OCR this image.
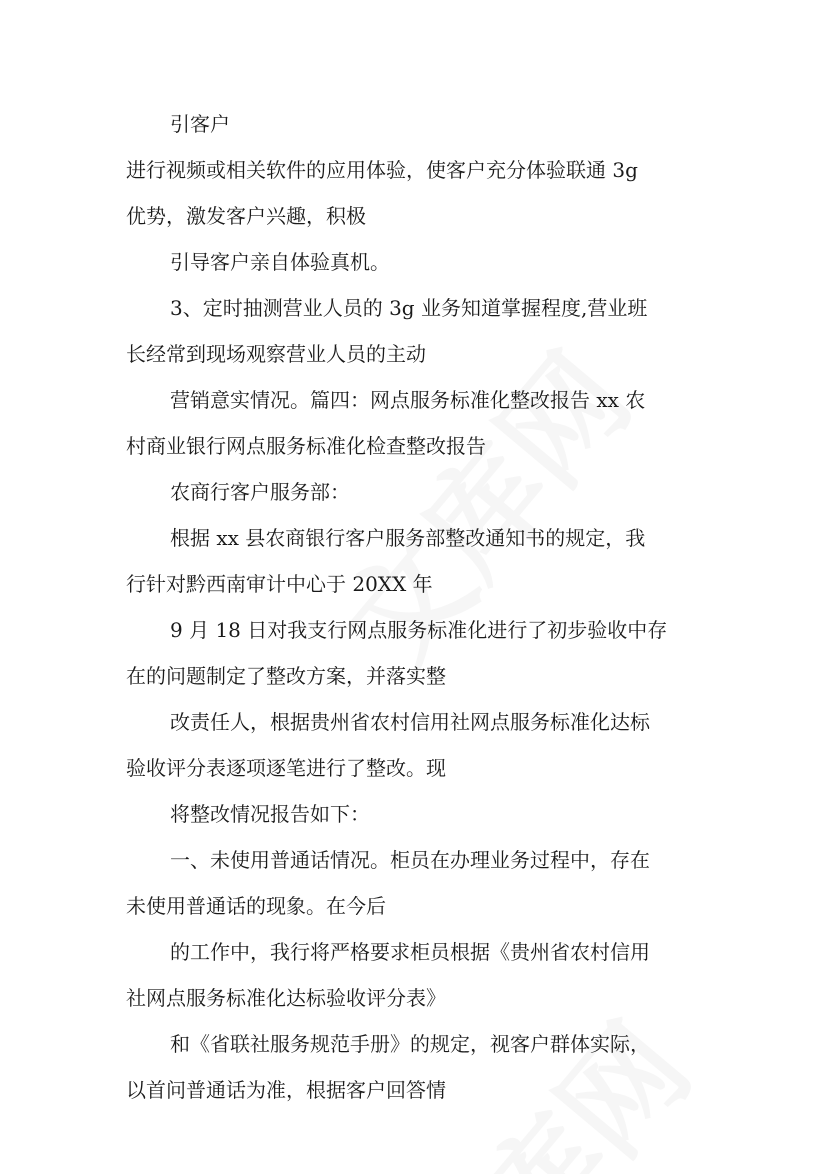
引客户
进行视频或相关软件的应用体验，使客户充分体验联通 3g
优势，激发客户兴趣，积极
引导客户亲自体验真机。
3、定时抽测营业人员的 3g 业务知道掌握程度,营业班
长经常到现场观察营业人员的主动
营销意实情况。篇四：网点服务标准化整改报告 xx 农
村商业银行网点服务标准化检查整改报告
农商行客户服务部：
根据 xx 县农商银行客户服务部整改通知书的规定，我
行针对黔西南审计中心于 20XX 年
9 月 18 日对我支行网点服务标准化进行了初步验收中存
在的问题制定了整改方案，并落实整
改责任人，根据贵州省农村信用社网点服务标准化达标
验收评分表逐项逐笔进行了整改。现
将整改情况报告如下：
一、未使用普通话情况。柜员在办理业务过程中，存在
未使用普通话的现象。在今后
的工作中，我行将严格要求柜员根据《贵州省农村信用
社网点服务标准化达标验收评分表》
和《省联社服务规范手册》的规定，视客户群体实际，
以首问普通话为准，根据客户回答情
